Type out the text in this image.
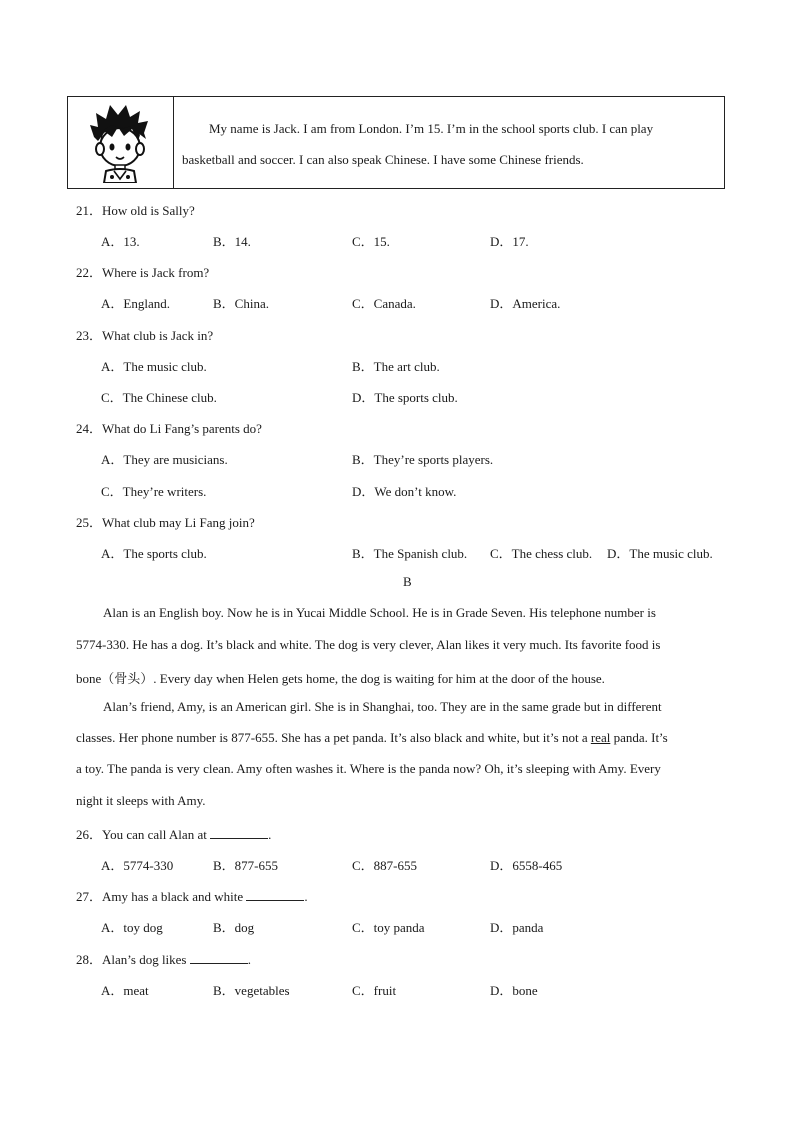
My name is Jack. I am from London. I’m 15. I’m in the school sports club. I can play
basketball and soccer. I can also speak Chinese. I have some Chinese friends.
21．How old is Sally?
A．13.	B．14.	C．15.	D．17.
22．Where is Jack from?
A．England.	B．China.	C．Canada.	D．America.
23．What club is Jack in?
A．The music club.	B．The art club.
C．The Chinese club.	D．The sports club.
24．What do Li Fang’s parents do?
A．They are musicians.	B．They’re sports players.
C．They’re writers.	D．We don’t know.
25．What club may Li Fang join?
A．The sports club.	B．The Spanish club. C．The chess club. D．The music club.
B
Alan is an English boy. Now he is in Yucai Middle School. He is in Grade Seven. His telephone number is
5774-330. He has a dog. It’s black and white. The dog is very clever, Alan likes it very much. Its favorite food is
bone（骨头）. Every day when Helen gets home, the dog is waiting for him at the door of the house.
Alan’s friend, Amy, is an American girl. She is in Shanghai, too. They are in the same grade but in different
classes. Her phone number is 877-655. She has a pet panda. It’s also black and white, but it’s not a real panda. It’s
a toy. The panda is very clean. Amy often washes it. Where is the panda now? Oh, it’s sleeping with Amy. Every
night it sleeps with Amy.
26．You can call Alan at	.
A．5774-330	B．877-655	C．887-655	D．6558-465
27．Amy has a black and white	.
A．toy dog	B．dog	C．toy panda	D．panda
28．Alan’s dog likes	.
A．meat	B．vegetables	C．fruit	D．bone
